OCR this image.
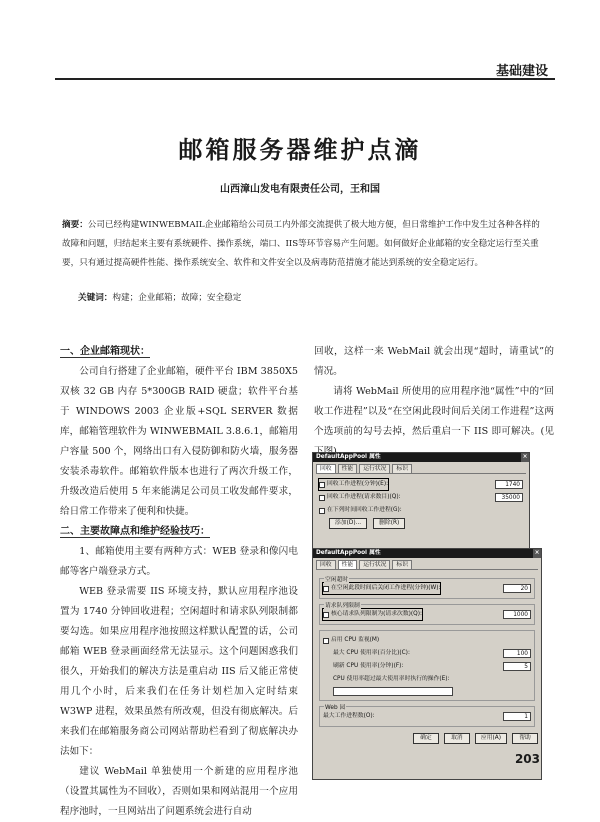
基础建设
邮箱服务器维护点滴
山西漳山发电有限责任公司，王和国
摘要：公司已经构建WINWEBMAIL企业邮箱给公司员工内外部交流提供了极大地方便，但日常维护工作中发生过各种各样的故障和问题，归结起来主要有系统硬件、操作系统，端口、IIS等环节容易产生问题。如何做好企业邮箱的安全稳定运行至关重要，只有通过提高硬件性能、操作系统安全、软件和文件安全以及病毒防范措施才能达到系统的安全稳定运行。
关键词：构建；企业邮箱；故障；安全稳定
一、企业邮箱现状：

公司自行搭建了企业邮箱，硬件平台 IBM 3850X5 双核 32 GB 内存 5*300GB RAID 硬盘；软件平台基于 WINDOWS 2003 企业版+SQL SERVER 数据库，邮箱管理软件为 WINWEBMAIL 3.8.6.1，邮箱用户容量 500 个，网络出口有入侵防御和防火墙，服务器安装杀毒软件。邮箱软件版本也进行了两次升级工作，升级改造后使用 5 年来能满足公司员工收发邮件要求，给日常工作带来了便利和快捷。

二、主要故障点和维护经验技巧：

1、邮箱使用主要有两种方式：WEB 登录和像闪电邮等客户端登录方式。

WEB 登录需要 IIS 环境支持，默认应用程序池设置为 1740 分钟回收进程；空闲超时和请求队列限制都要勾选。如果应用程序池按照这样默认配置的话，公司邮箱 WEB 登录画面经常无法显示。这个问题困惑我们很久，开始我们的解决方法是重启动 IIS 后又能正常使用几个小时，后来我们在任务计划栏加入定时结束 W3WP 进程，效果虽然有所改观，但没有彻底解决。后来我们在邮箱服务商公司网站帮助栏看到了彻底解决办法如下：

建议 WebMail 单独使用一个新建的应用程序池（设置其属性为不回收），否则如果和网站混用一个应用程序池时，一旦网站出了问题系统会进行自动

回收，这样一来 WebMail 就会出现“超时，请重试”的情况。

请将 WebMail 所使用的应用程序池“属性”中的“回收工作进程”以及“在空闲此段时间后关闭工作进程”这两个选项前的勾号去掉，然后重启一下 IIS 即可解决。(见

DefaultAppPool 属性	×
回收	性能	运行状况	标识
回收工作进程(分钟)(E):	1740
回收工作进程(请求数目)(Q):	35000
在下列时间回收工作进程(G):
添加(D)...	删除(R)
DefaultAppPool 属性	×
回收	性能	运行状况	标识
空闲超时
在空闲此段时间后关闭工作进程(分钟)(W):	20
请求队列限制
核心请求队列限制为(请求次数)(Q):	1000
启用 CPU 监视(M)
最大 CPU 使用率(百分比)(C):	100
刷新 CPU 使用率(分钟)(F):	5
CPU 使用率超过最大使用率时执行的操作(E):
Web 园
最大工作进程数(O):	1
确定	取消	应用(A)	帮助
203
